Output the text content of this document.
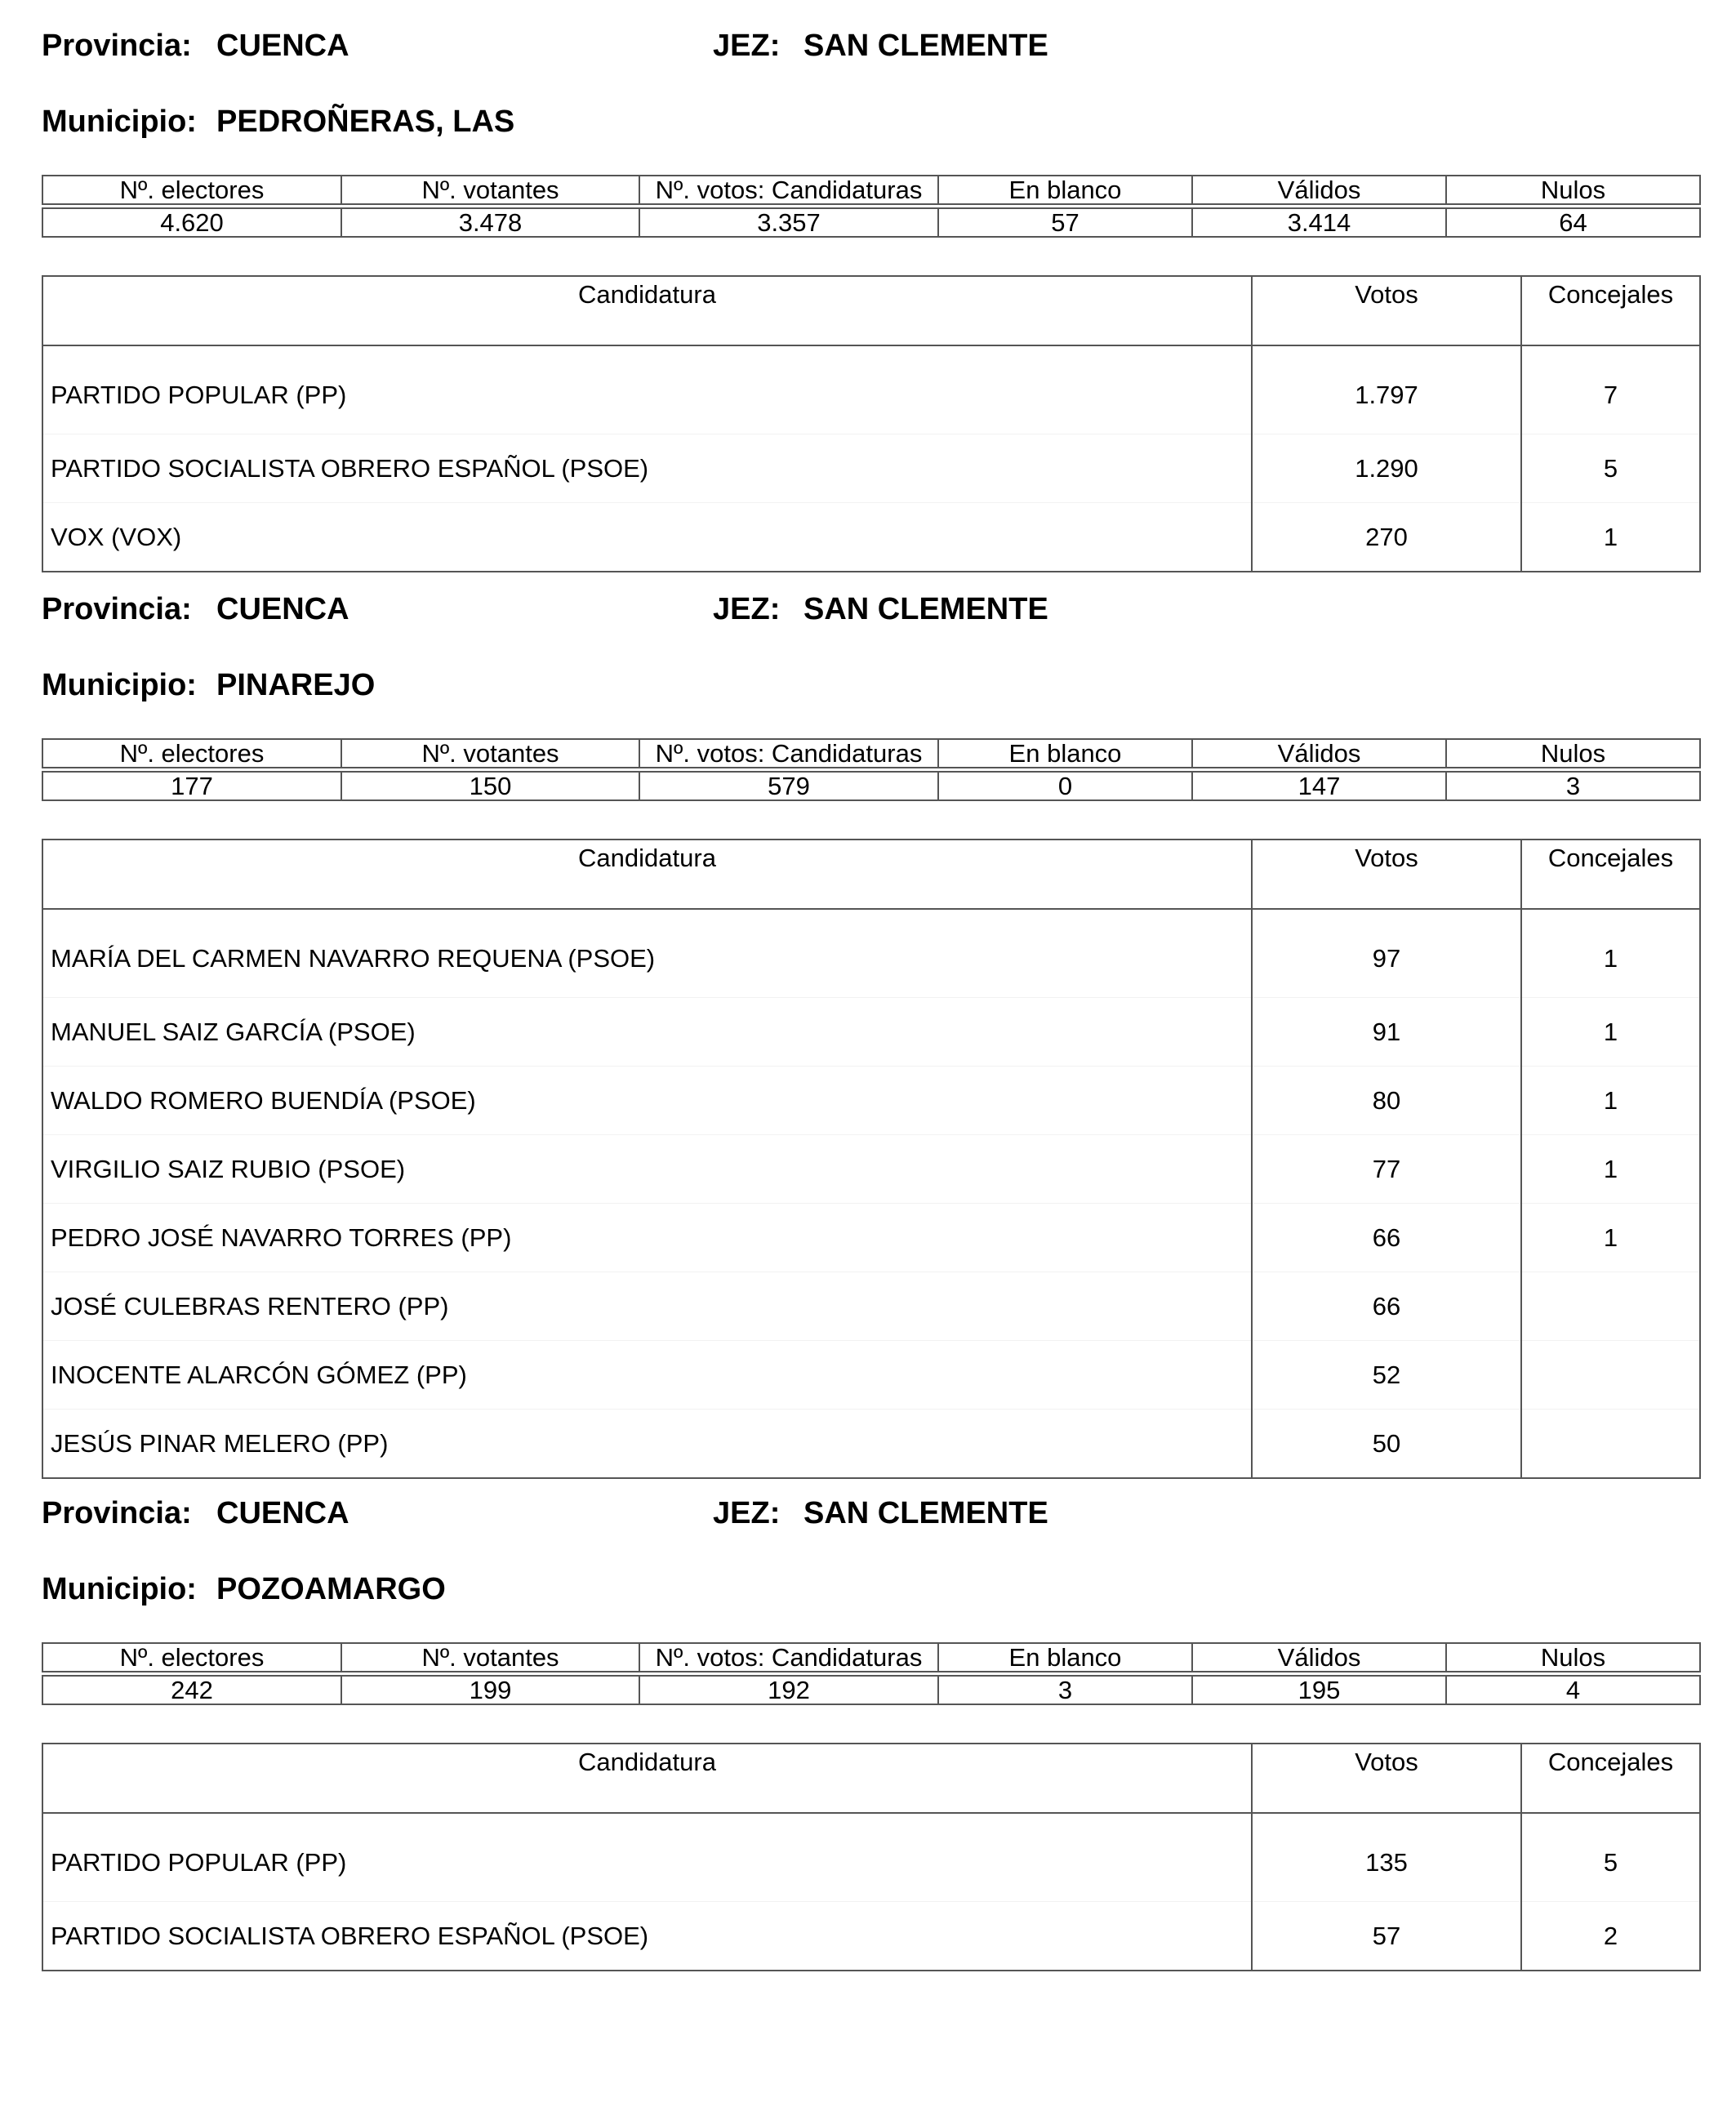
Provincia:

CUENCA

	JEZ:

SAN CLEMENTE

Municipio: PEDROÑERAS, LAS
Nº. electores	Nº. votantes	Nº. votos: Candidaturas	En blanco	Válidos	Nulos

4.620	3.478	3.357	57	3.414	64
Candidatura	Votos	Concejales
PARTIDO POPULAR (PP)	1.797	7
PARTIDO SOCIALISTA OBRERO ESPAÑOL (PSOE)	1.290	5
VOX (VOX)	270	1

Provincia:

CUENCA

	JEZ:

SAN CLEMENTE

Municipio: PINAREJO
Nº. electores	Nº. votantes	Nº. votos: Candidaturas	En blanco	Válidos	Nulos

177	150	579	0	147	3
Candidatura	Votos	Concejales
MARÍA DEL CARMEN NAVARRO REQUENA (PSOE)	97	1
MANUEL SAIZ GARCÍA (PSOE)	91	1
WALDO ROMERO BUENDÍA (PSOE)	80	1
VIRGILIO SAIZ RUBIO (PSOE)	77	1
PEDRO JOSÉ NAVARRO TORRES (PP)	66	1
JOSÉ CULEBRAS RENTERO (PP)	66	
INOCENTE ALARCÓN GÓMEZ (PP)	52	
JESÚS PINAR MELERO (PP)	50	

Provincia:

CUENCA

	JEZ:

SAN CLEMENTE

Municipio: POZOAMARGO
Nº. electores	Nº. votantes	Nº. votos: Candidaturas	En blanco	Válidos	Nulos

242	199	192	3	195	4
Candidatura	Votos	Concejales
PARTIDO POPULAR (PP)	135	5
PARTIDO SOCIALISTA OBRERO ESPAÑOL (PSOE)	57	2
